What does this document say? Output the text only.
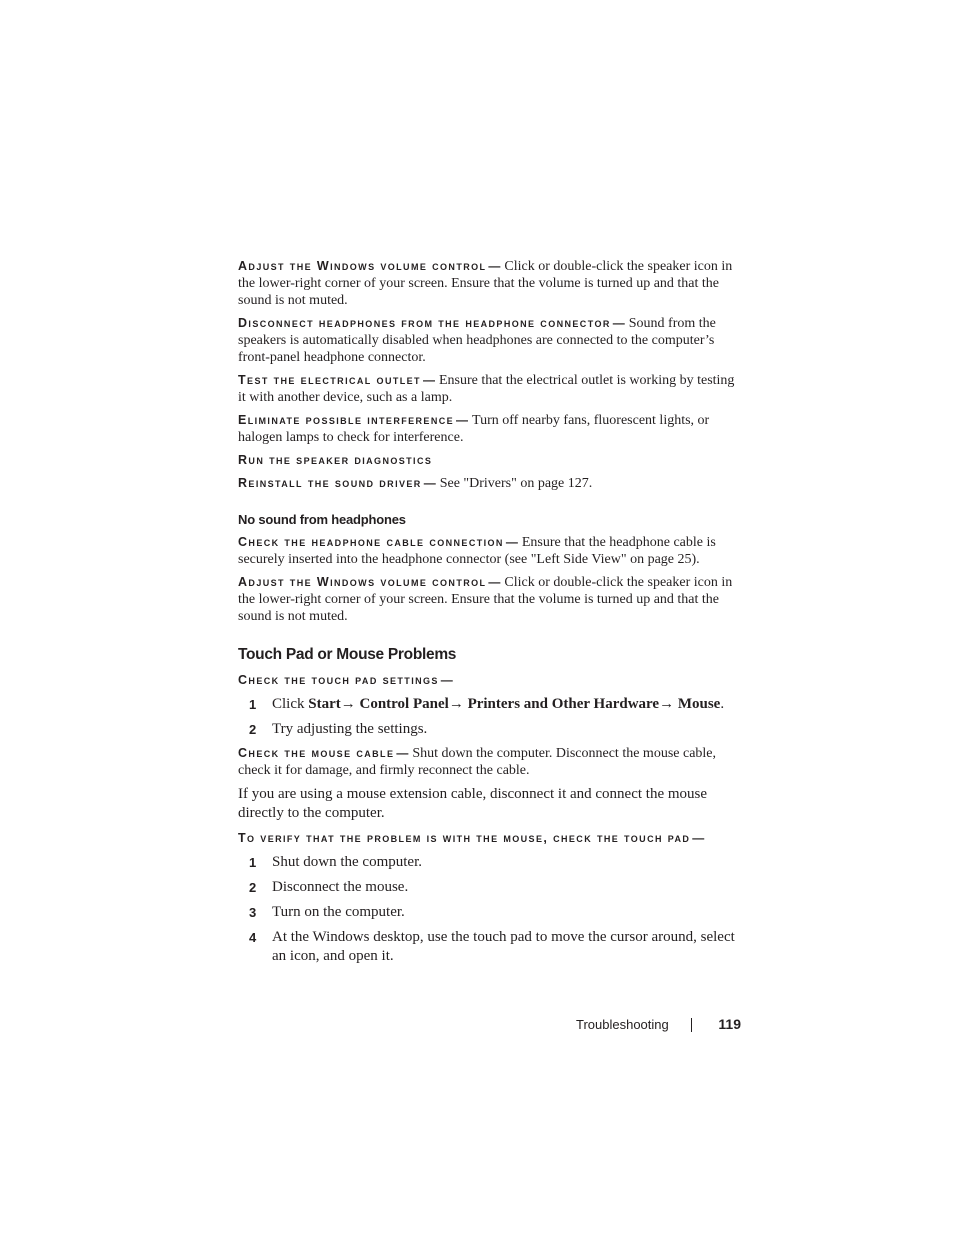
Adjust the Windows volume control — Click or double-click the speaker icon in the lower-right corner of your screen. Ensure that the volume is turned up and that the sound is not muted.

Disconnect headphones from the headphone connector — Sound from the speakers is automatically disabled when headphones are connected to the computer’s front-panel headphone connector.

Test the electrical outlet — Ensure that the electrical outlet is working by testing it with another device, such as a lamp.

Eliminate possible interference — Turn off nearby fans, fluorescent lights, or halogen lamps to check for interference.

Run the speaker diagnostics

Reinstall the sound driver — See "Drivers" on page 127.

No sound from headphones

Check the headphone cable connection — Ensure that the headphone cable is securely inserted into the headphone connector (see "Left Side View" on page 25).

Adjust the Windows volume control — Click or double-click the speaker icon in the lower-right corner of your screen. Ensure that the volume is turned up and that the sound is not muted.

Touch Pad or Mouse Problems

Check the touch pad settings —

1	Click Start→ Control Panel→ Printers and Other Hardware→ Mouse.
2	Try adjusting the settings.

Check the mouse cable — Shut down the computer. Disconnect the mouse cable, check it for damage, and firmly reconnect the cable.

If you are using a mouse extension cable, disconnect it and connect the mouse directly to the computer.

To verify that the problem is with the mouse, check the touch pad —

1	Shut down the computer.
2	Disconnect the mouse.
3	Turn on the computer.
4	At the Windows desktop, use the touch pad to move the cursor around, select an icon, and open it.
Troubleshooting	119
